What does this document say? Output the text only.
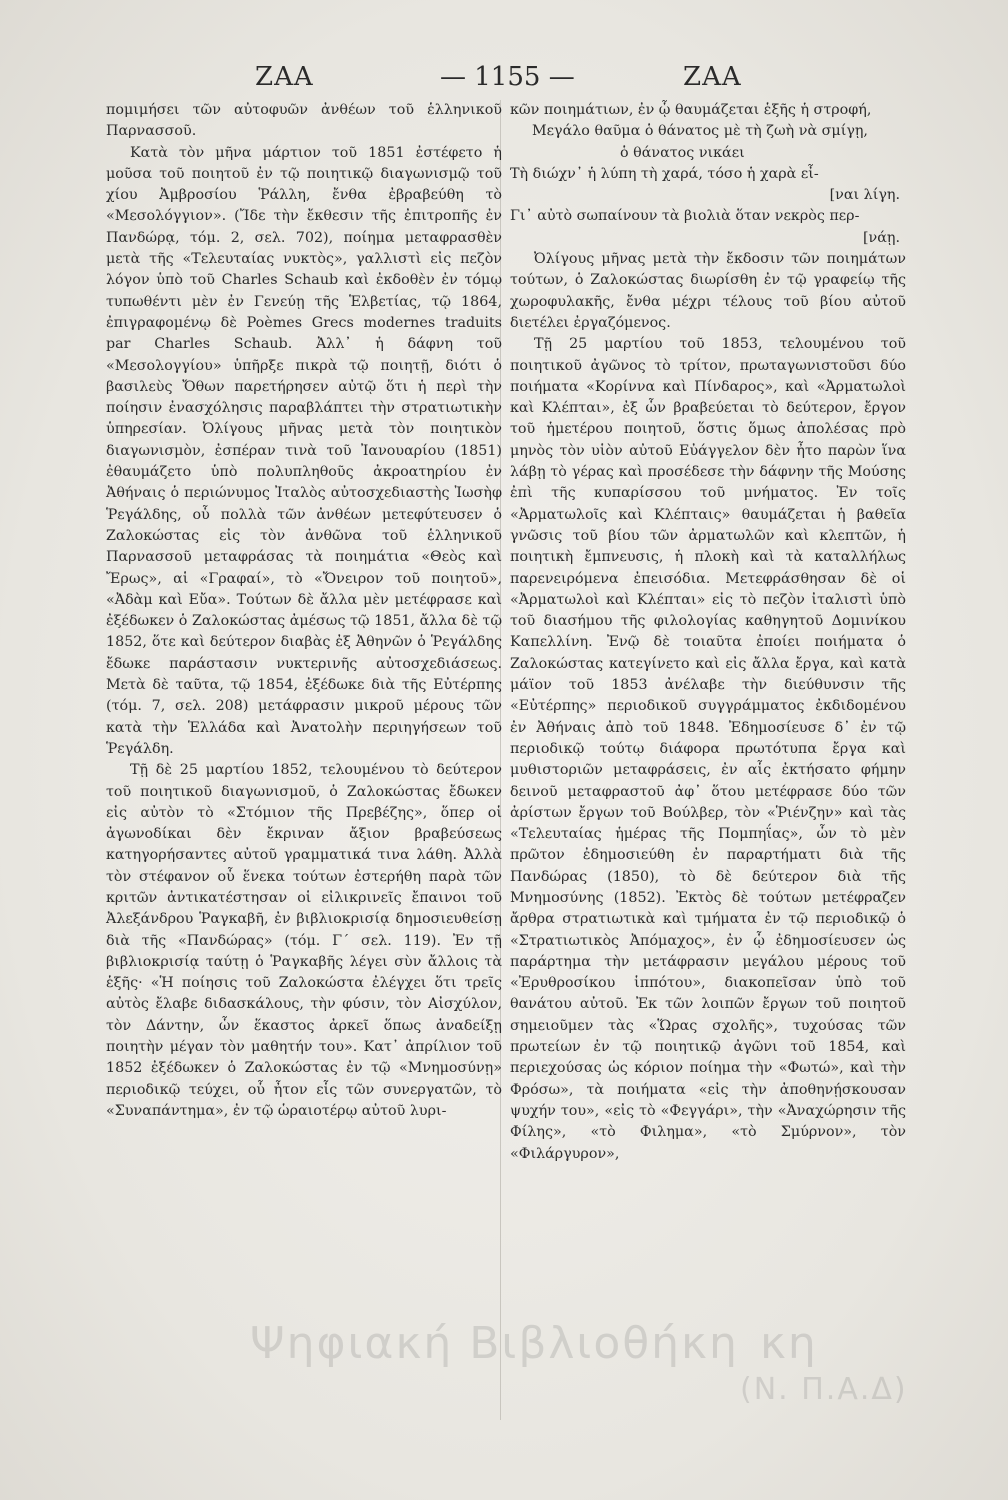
ΖΑΑ	— 1155 —	ΖΑΑ

πομιμήσει τῶν αὐτοφυῶν ἀνθέων τοῦ ἑλληνικοῦ Παρνασσοῦ.

Κατὰ τὸν μῆνα μάρτιον τοῦ 1851 ἐστέφετο ἡ μοῦσα τοῦ ποιητοῦ ἐν τῷ ποιητικῷ διαγωνισμῷ τοῦ χίου Ἀμβροσίου Ῥάλλη, ἔνθα ἐβραβεύθη τὸ «Μεσολόγγιον». (Ἴδε τὴν ἔκθεσιν τῆς ἐπιτροπῆς ἐν Πανδώρᾳ, τόμ. 2, σελ. 702), ποίημα μεταφρασθὲν μετὰ τῆς «Τελευταίας νυκτὸς», γαλλιστὶ εἰς πεζὸν λόγον ὑπὸ τοῦ Charles Schaub καὶ ἐκδοθὲν ἐν τόμῳ τυπωθέντι μὲν ἐν Γενεύῃ τῆς Ἑλβετίας, τῷ 1864, ἐπιγραφομένῳ δὲ Poèmes Grecs modernes traduits par Charles Schaub. Ἀλλ᾽ ἡ δάφνη τοῦ «Μεσολογγίου» ὑπῆρξε πικρὰ τῷ ποιητῇ, διότι ὁ βασιλεὺς Ὄθων παρετήρησεν αὐτῷ ὅτι ἡ περὶ τὴν ποίησιν ἐνασχόλησις παραβλάπτει τὴν στρατιωτικὴν ὑπηρεσίαν. Ὀλίγους μῆνας μετὰ τὸν ποιητικὸν διαγωνισμὸν, ἐσπέραν τινὰ τοῦ Ἰανουαρίου (1851) ἐθαυμάζετο ὑπὸ πολυπληθοῦς ἀκροατηρίου ἐν Ἀθήναις ὁ περιώνυμος Ἰταλὸς αὐτοσχεδιαστὴς Ἰωσὴφ Ῥεγάλδης, οὗ πολλὰ τῶν ἀνθέων μετεφύτευσεν ὁ Ζαλοκώστας εἰς τὸν ἀνθῶνα τοῦ ἑλληνικοῦ Παρνασσοῦ μεταφράσας τὰ ποιημάτια «Θεὸς καὶ Ἔρως», αἱ «Γραφαί», τὸ «Ὄνειρον τοῦ ποιητοῦ», «Ἀδὰμ καὶ Εὔα». Τούτων δὲ ἄλλα μὲν μετέφρασε καὶ ἐξέδωκεν ὁ Ζαλοκώστας ἀμέσως τῷ 1851, ἄλλα δὲ τῷ 1852, ὅτε καὶ δεύτερον διαβὰς ἐξ Ἀθηνῶν ὁ Ῥεγάλδης ἔδωκε παράστασιν νυκτερινῆς αὐτοσχεδιάσεως. Μετὰ δὲ ταῦτα, τῷ 1854, ἐξέδωκε διὰ τῆς Εὐτέρπης (τόμ. 7, σελ. 208) μετάφρασιν μικροῦ μέρους τῶν κατὰ τὴν Ἑλλάδα καὶ Ἀνατολὴν περιηγήσεων τοῦ Ῥεγάλδη.

Τῇ δὲ 25 μαρτίου 1852, τελουμένου τὸ δεύτερον τοῦ ποιητικοῦ διαγωνισμοῦ, ὁ Ζαλοκώστας ἔδωκεν εἰς αὐτὸν τὸ «Στόμιον τῆς Πρεβέζης», ὅπερ οἱ ἀγωνοδίκαι δὲν ἔκριναν ἄξιον βραβεύσεως κατηγορήσαντες αὐτοῦ γραμματικά τινα λάθη. Ἀλλὰ τὸν στέφανον οὗ ἕνεκα τούτων ἐστερήθη παρὰ τῶν κριτῶν ἀντικατέστησαν οἱ εἰλικρινεῖς ἔπαινοι τοῦ Ἀλεξάνδρου Ῥαγκαβῆ, ἐν βιβλιοκρισίᾳ δημοσιευθείσῃ διὰ τῆς «Πανδώρας» (τόμ. Γ΄ σελ. 119). Ἐν τῇ βιβλιοκρισίᾳ ταύτῃ ὁ Ῥαγκαβῆς λέγει σὺν ἄλλοις τὰ ἑξῆς· «Ἡ ποίησις τοῦ Ζαλοκώστα ἐλέγχει ὅτι τρεῖς αὐτὸς ἔλαβε διδασκάλους, τὴν φύσιν, τὸν Αἰσχύλον, τὸν Δάντην, ὧν ἕκαστος ἀρκεῖ ὅπως ἀναδείξῃ ποιητὴν μέγαν τὸν μαθητήν του». Κατ᾽ ἀπρίλιον τοῦ 1852 ἐξέδωκεν ὁ Ζαλοκώστας ἐν τῷ «Μνημοσύνῃ» περιοδικῷ τεύχει, οὗ ἦτον εἷς τῶν συνεργατῶν, τὸ «Συναπάντημα», ἐν τῷ ὡραιοτέρῳ αὐτοῦ λυρι-

κῶν ποιημάτιων, ἐν ᾧ θαυμάζεται ἑξῆς ἡ στροφή,

Μεγάλο θαῦμα ὁ θάνατος μὲ τὴ ζωὴ νὰ σμίγῃ,
ὁ θάνατος νικάει
Τὴ διώχν᾽ ἡ λύπη τὴ χαρά, τόσο ἡ χαρὰ εἶ-
[ναι λίγη.
Γι᾽ αὐτὸ σωπαίνουν τὰ βιολιὰ ὅταν νεκρὸς περ-
[νάῃ.

Ὀλίγους μῆνας μετὰ τὴν ἔκδοσιν τῶν ποιημάτων τούτων, ὁ Ζαλοκώστας διωρίσθη ἐν τῷ γραφείῳ τῆς χωροφυλακῆς, ἔνθα μέχρι τέλους τοῦ βίου αὐτοῦ διετέλει ἐργαζόμενος.

Τῇ 25 μαρτίου τοῦ 1853, τελουμένου τοῦ ποιητικοῦ ἀγῶνος τὸ τρίτον, πρωταγωνιστοῦσι δύο ποιήματα «Κορίννα καὶ Πίνδαρος», καὶ «Ἀρματωλοὶ καὶ Κλέπται», ἐξ ὧν βραβεύεται τὸ δεύτερον, ἔργον τοῦ ἡμετέρου ποιητοῦ, ὅστις ὅμως ἀπολέσας πρὸ μηνὸς τὸν υἱὸν αὐτοῦ Εὐάγγελον δὲν ἦτο παρὼν ἵνα λάβῃ τὸ γέρας καὶ προσέδεσε τὴν δάφνην τῆς Μούσης ἐπὶ τῆς κυπαρίσσου τοῦ μνήματος. Ἐν τοῖς «Ἀρματωλοῖς καὶ Κλέπταις» θαυμάζεται ἡ βαθεῖα γνῶσις τοῦ βίου τῶν ἀρματωλῶν καὶ κλεπτῶν, ἡ ποιητικὴ ἔμπνευσις, ἡ πλοκὴ καὶ τὰ καταλλήλως παρενειρόμενα ἐπεισόδια. Μετεφράσθησαν δὲ οἱ «Ἀρματωλοὶ καὶ Κλέπται» εἰς τὸ πεζὸν ἰταλιστὶ ὑπὸ τοῦ διασήμου τῆς φιλολογίας καθηγητοῦ Δομινίκου Καπελλίνη. Ἐνῷ δὲ τοιαῦτα ἐποίει ποιήματα ὁ Ζαλοκώστας κατεγίνετο καὶ εἰς ἄλλα ἔργα, καὶ κατὰ μάϊον τοῦ 1853 ἀνέλαβε τὴν διεύθυνσιν τῆς «Εὐτέρπης» περιοδικοῦ συγγράμματος ἐκδιδομένου ἐν Ἀθήναις ἀπὸ τοῦ 1848. Ἐδημοσίευσε δ᾽ ἐν τῷ περιοδικῷ τούτῳ διάφορα πρωτότυπα ἔργα καὶ μυθιστοριῶν μεταφράσεις, ἐν αἷς ἐκτήσατο φήμην δεινοῦ μεταφραστοῦ ἀφ᾽ ὅτου μετέφρασε δύο τῶν ἀρίστων ἔργων τοῦ Βούλβερ, τὸν «Ῥιένζην» καὶ τὰς «Τελευταίας ἡμέρας τῆς Πομπηΐας», ὧν τὸ μὲν πρῶτον ἐδημοσιεύθη ἐν παραρτήματι διὰ τῆς Πανδώρας (1850), τὸ δὲ δεύτερον διὰ τῆς Μνημοσύνης (1852). Ἐκτὸς δὲ τούτων μετέφραζεν ἄρθρα στρατιωτικὰ καὶ τμήματα ἐν τῷ περιοδικῷ ὁ «Στρατιωτικὸς Ἀπόμαχος», ἐν ᾧ ἐδημοσίευσεν ὡς παράρτημα τὴν μετάφρασιν μεγάλου μέρους τοῦ «Ἐρυθροσίκου ἱππότου», διακοπεῖσαν ὑπὸ τοῦ θανάτου αὐτοῦ. Ἐκ τῶν λοιπῶν ἔργων τοῦ ποιητοῦ σημειοῦμεν τὰς «Ὥρας σχολῆς», τυχούσας τῶν πρωτείων ἐν τῷ ποιητικῷ ἀγῶνι τοῦ 1854, καὶ περιεχούσας ὡς κόριον ποίημα τὴν «Φωτώ», καὶ τὴν Φρόσω», τὰ ποιήματα «εἰς τὴν ἀποθηνῄσκουσαν ψυχήν του», «εἰς τὸ «Φεγγάρι», τὴν «Ἀναχώρησιν τῆς Φίλης», «τὸ Φιλημα», «τὸ Σμύρνον», τὸν «Φιλάργυρον»,

Ψηφιακή Βιβλιοθήκη κη
(Ν. Π.Α.Δ)
